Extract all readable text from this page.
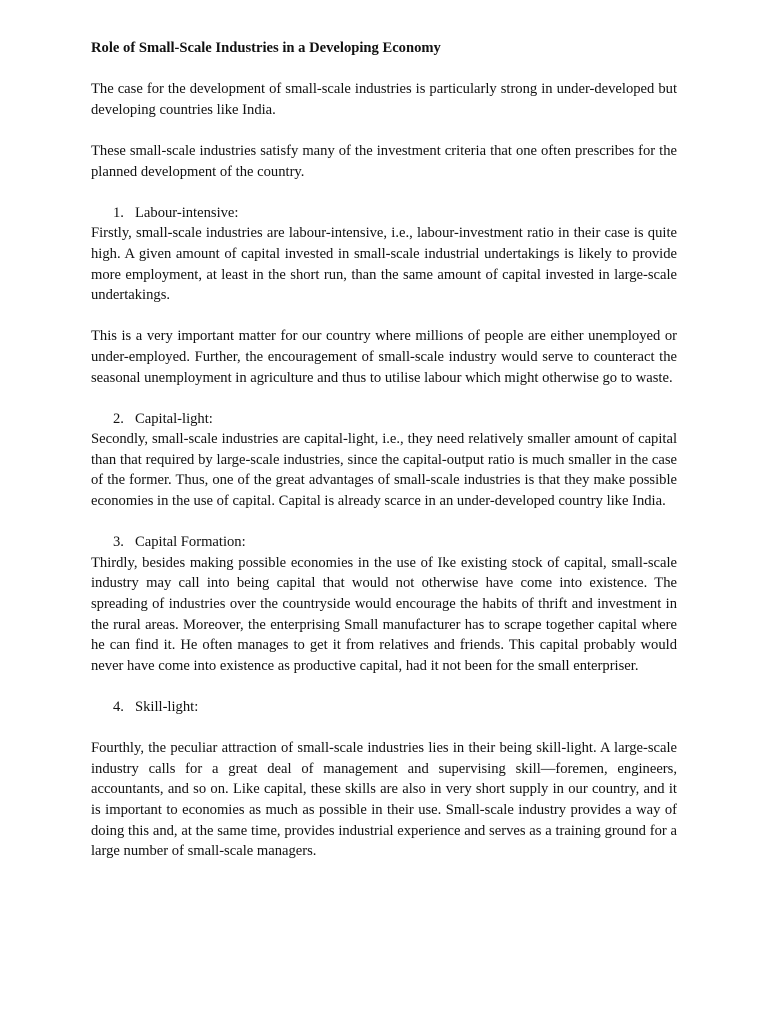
Role of Small-Scale Industries in a Developing Economy

The case for the development of small-scale industries is particularly strong in under-developed but developing countries like India.

These small-scale industries satisfy many of the investment criteria that one often prescribes for the planned development of the country.

1. Labour-intensive:

Firstly, small-scale industries are labour-intensive, i.e., labour-investment ratio in their case is quite high. A given amount of capital invested in small-scale industrial undertakings is likely to provide more employment, at least in the short run, than the same amount of capital invested in large-scale undertakings.

This is a very important matter for our country where millions of people are either unemployed or under-employed. Further, the encouragement of small-scale industry would serve to counteract the seasonal unemployment in agriculture and thus to utilise labour which might otherwise go to waste.

2. Capital-light:

Secondly, small-scale industries are capital-light, i.e., they need relatively smaller amount of capital than that required by large-scale industries, since the capital-output ratio is much smaller in the case of the former. Thus, one of the great advantages of small-scale industries is that they make possible economies in the use of capital. Capital is already scarce in an under-developed country like India.

3. Capital Formation:

Thirdly, besides making possible economies in the use of Ike existing stock of capital, small-scale industry may call into being capital that would not otherwise have come into existence. The spreading of industries over the countryside would encourage the habits of thrift and investment in the rural areas. Moreover, the enterprising Small manufacturer has to scrape together capital where he can find it. He often manages to get it from relatives and friends. This capital probably would never have come into existence as productive capital, had it not been for the small enterpriser.

4. Skill-light:

Fourthly, the peculiar attraction of small-scale industries lies in their being skill-light. A large-scale industry calls for a great deal of management and supervising skill—foremen, engineers, accountants, and so on. Like capital, these skills are also in very short supply in our country, and it is important to economies as much as possible in their use. Small-scale industry provides a way of doing this and, at the same time, provides industrial experience and serves as a training ground for a large number of small-scale managers.
